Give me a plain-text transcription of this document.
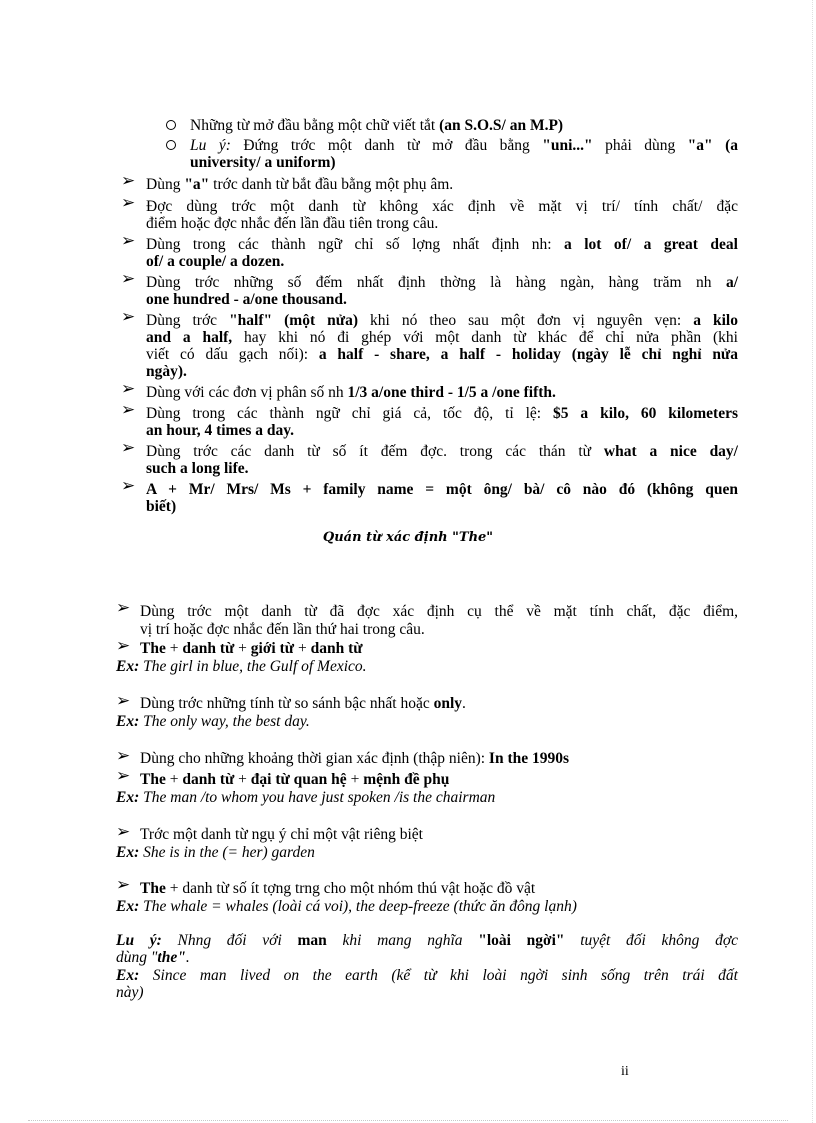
Những từ mở đầu bằng một chữ viết tắt (an S.O.S/ an M.P)
Lu ý: Đứng trớc một danh từ mở đầu bằng "uni..." phải dùng "a" (a
university/ a uniform)
➢ Dùng "a" trớc danh từ bắt đầu bằng một phụ âm.
➢ Đợc dùng trớc một danh từ không xác định về mặt vị trí/ tính chất/ đặc
điểm hoặc đợc nhắc đến lần đầu tiên trong câu.
➢ Dùng trong các thành ngữ chỉ số lợng nhất định nh: a lot of/ a great deal
of/ a couple/ a dozen.
➢ Dùng trớc những số đếm nhất định thờng là hàng ngàn, hàng trăm nh a/
one hundred - a/one thousand.
➢ Dùng trớc "half" (một nửa) khi nó theo sau một đơn vị nguyên vẹn: a kilo
and a half, hay khi nó đi ghép với một danh từ khác để chỉ nửa phần (khi
viết có dấu gạch nối): a half - share, a half - holiday (ngày lễ chỉ nghỉ nửa
ngày).
➢ Dùng với các đơn vị phân số nh 1/3 a/one third - 1/5 a /one fifth.
➢ Dùng trong các thành ngữ chỉ giá cả, tốc độ, tỉ lệ: $5 a kilo, 60 kilometers
an hour, 4 times a day.
➢ Dùng trớc các danh từ số ít đếm đợc. trong các thán từ what a nice day/
such a long life.
➢ A + Mr/ Mrs/ Ms + family name = một ông/ bà/ cô nào đó (không quen
biết)
Quán từ xác định "The"
➢ Dùng trớc một danh từ đã đợc xác định cụ thể về mặt tính chất, đặc điểm,
vị trí hoặc đợc nhắc đến lần thứ hai trong câu.
➢ The + danh từ + giới từ + danh từ
Ex: The girl in blue, the Gulf of Mexico.
➢ Dùng trớc những tính từ so sánh bậc nhất hoặc only.
Ex: The only way, the best day.
➢ Dùng cho những khoảng thời gian xác định (thập niên): In the 1990s
➢ The + danh từ + đại từ quan hệ + mệnh đề phụ
Ex: The man /to whom you have just spoken /is the chairman
➢ Trớc một danh từ ngụ ý chỉ một vật riêng biệt
Ex: She is in the (= her) garden
➢ The + danh từ số ít tợng trng cho một nhóm thú vật hoặc đồ vật
Ex: The whale = whales (loài cá voi), the deep-freeze (thức ăn đông lạnh)
Lu ý: Nhng đối với man khi mang nghĩa "loài ngời" tuyệt đối không đợc
dùng "the".
Ex: Since man lived on the earth (kể từ khi loài ngời sinh sống trên trái đất
này)
ii
